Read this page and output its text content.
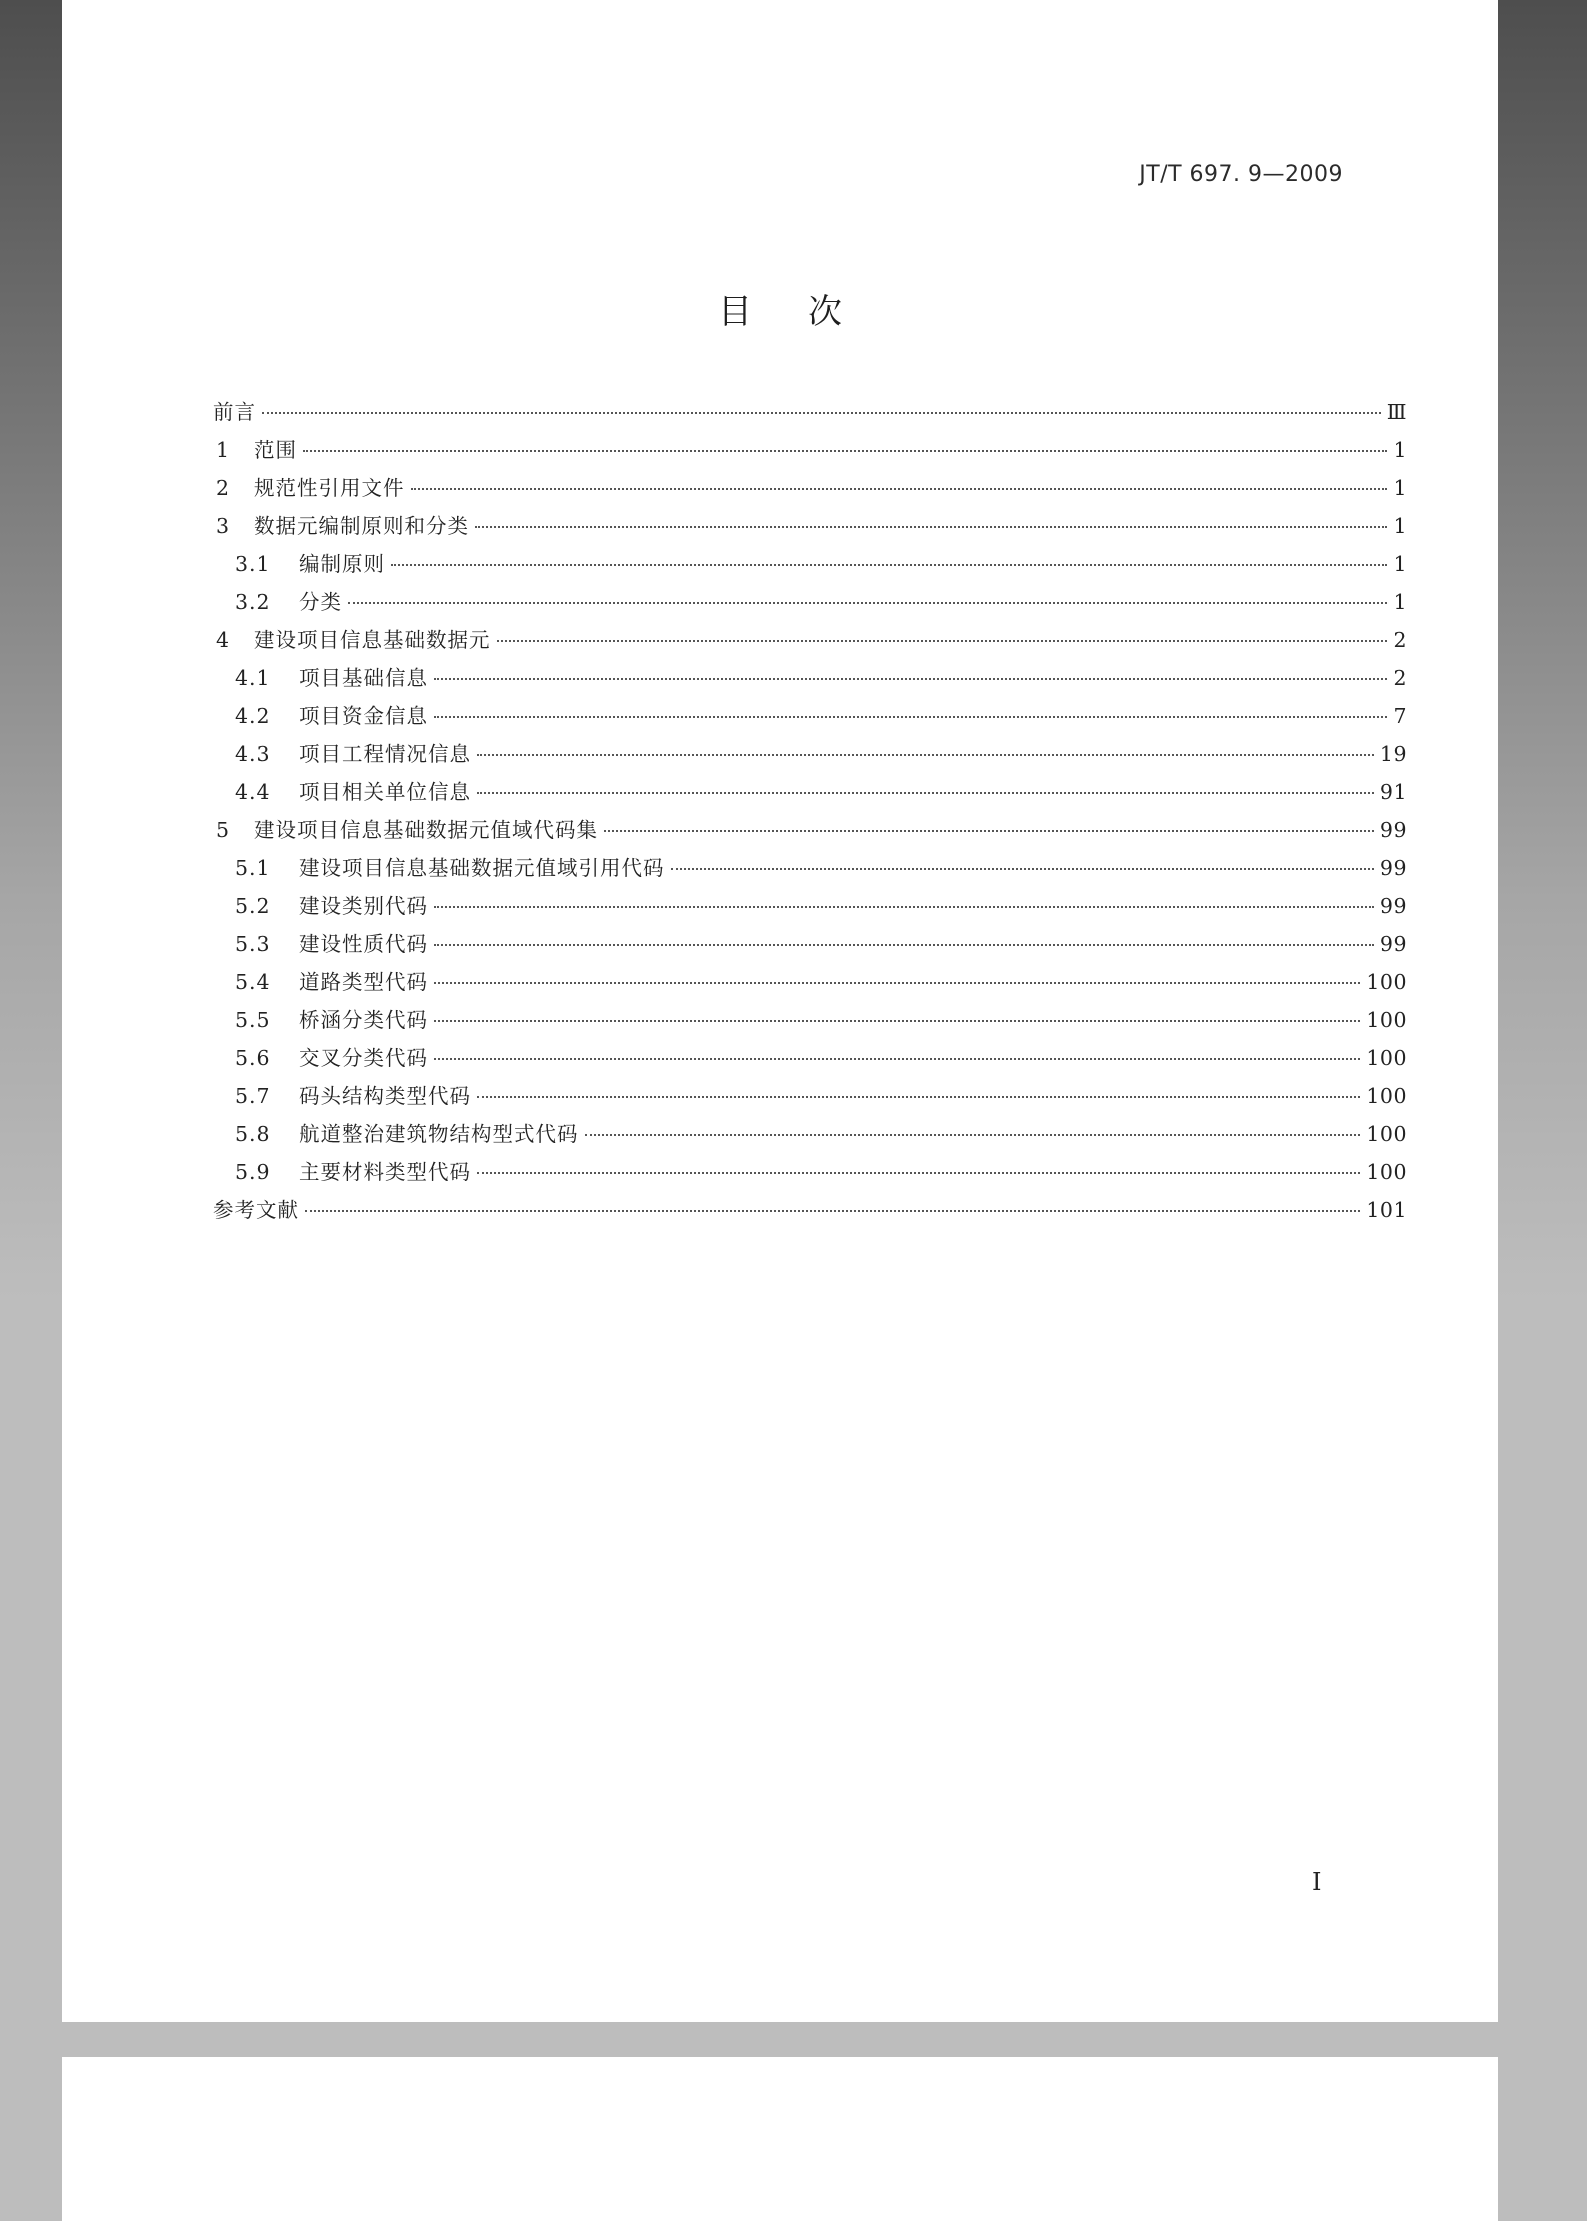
JT/T 697. 9—2009
目 次
前言	Ⅲ
1	范围	1
2	规范性引用文件	1
3	数据元编制原则和分类	1
3.1	编制原则	1
3.2	分类	1
4	建设项目信息基础数据元	2
4.1	项目基础信息	2
4.2	项目资金信息	7
4.3	项目工程情况信息	19
4.4	项目相关单位信息	91
5	建设项目信息基础数据元值域代码集	99
5.1	建设项目信息基础数据元值域引用代码	99
5.2	建设类别代码	99
5.3	建设性质代码	99
5.4	道路类型代码	100
5.5	桥涵分类代码	100
5.6	交叉分类代码	100
5.7	码头结构类型代码	100
5.8	航道整治建筑物结构型式代码	100
5.9	主要材料类型代码	100
参考文献	101
I
